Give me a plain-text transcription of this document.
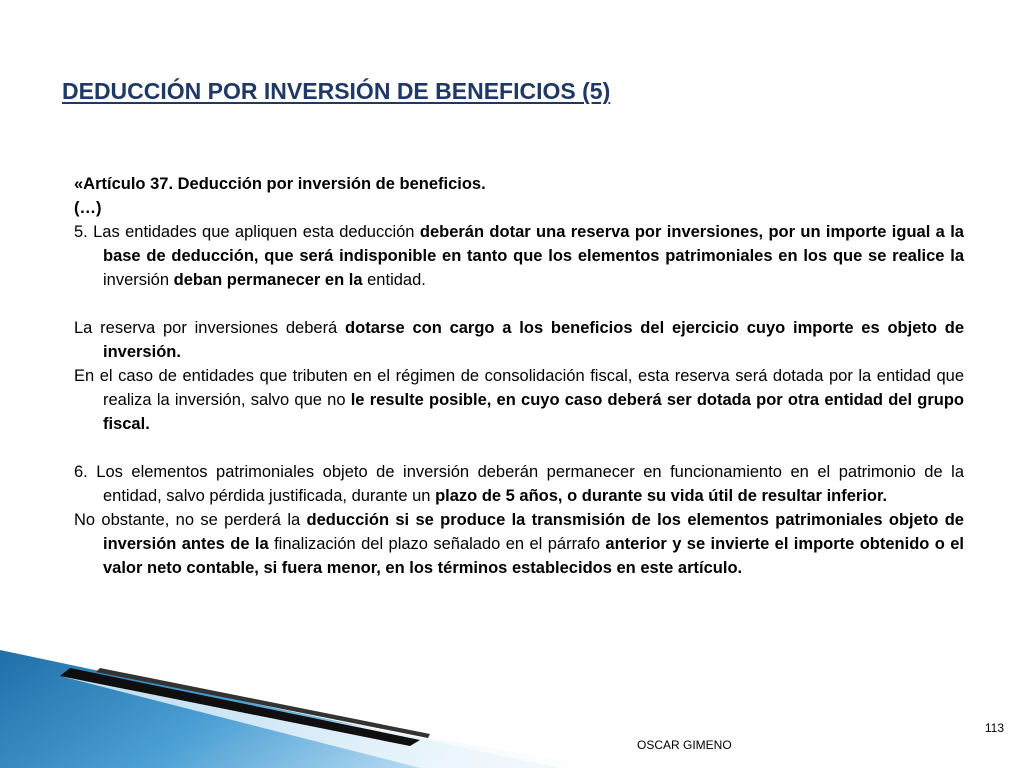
DEDUCCIÓN POR INVERSIÓN DE BENEFICIOS (5)

«Artículo 37. Deducción por inversión de beneficios.

(…)

5. Las entidades que apliquen esta deducción deberán dotar una reserva por inversiones, por un importe igual a la base de deducción, que será indisponible en tanto que los elementos patrimoniales en los que se realice la inversión deban permanecer en la entidad.

La reserva por inversiones deberá dotarse con cargo a los beneficios del ejercicio cuyo importe es objeto de inversión.

En el caso de entidades que tributen en el régimen de consolidación fiscal, esta reserva será dotada por la entidad que realiza la inversión, salvo que no le resulte posible, en cuyo caso deberá ser dotada por otra entidad del grupo fiscal.

6. Los elementos patrimoniales objeto de inversión deberán permanecer en funcionamiento en el patrimonio de la entidad, salvo pérdida justificada, durante un plazo de 5 años, o durante su vida útil de resultar inferior.

No obstante, no se perderá la deducción si se produce la transmisión de los elementos patrimoniales objeto de inversión antes de la finalización del plazo señalado en el párrafo anterior y se invierte el importe obtenido o el valor neto contable, si fuera menor, en los términos establecidos en este artículo.

OSCAR GIMENO
113
